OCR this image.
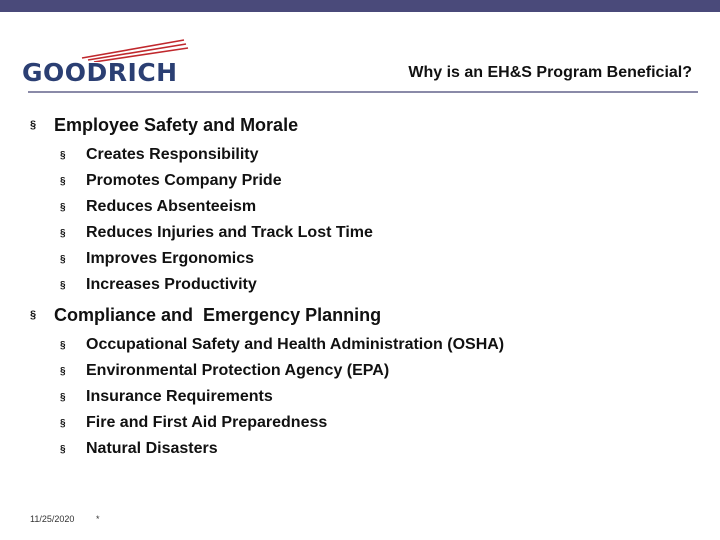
GOODRICH	Why is an EH&S Program Beneficial?
§ Employee Safety and Morale
§	Creates Responsibility
§	Promotes Company Pride
§	Reduces Absenteeism
§	Reduces Injuries and Track Lost Time
§	Improves Ergonomics
§	Increases Productivity
§ Compliance and  Emergency Planning
§	Occupational Safety and Health Administration (OSHA)
§	Environmental Protection Agency (EPA)
§	Insurance Requirements
§	Fire and First Aid Preparedness
§	Natural Disasters
11/25/2020 *
